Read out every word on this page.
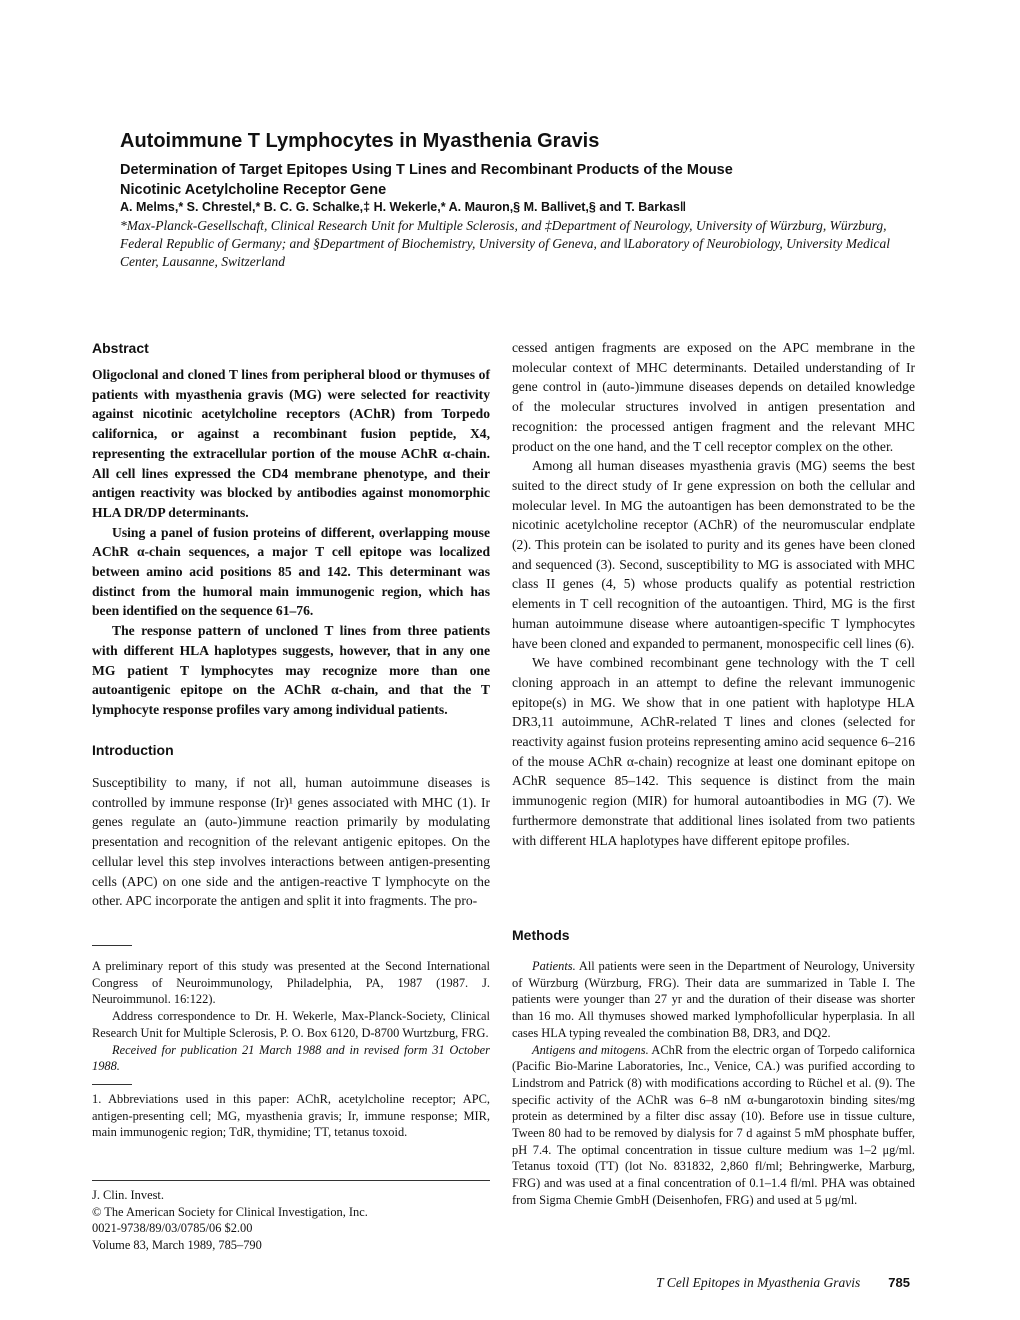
Autoimmune T Lymphocytes in Myasthenia Gravis
Determination of Target Epitopes Using T Lines and Recombinant Products of the Mouse Nicotinic Acetylcholine Receptor Gene
A. Melms,* S. Chrestel,* B. C. G. Schalke,‡ H. Wekerle,* A. Mauron,§ M. Ballivet,§ and T. Barkas‖
*Max-Planck-Gesellschaft, Clinical Research Unit for Multiple Sclerosis, and ‡Department of Neurology, University of Würzburg, Würzburg, Federal Republic of Germany; and §Department of Biochemistry, University of Geneva, and ‖Laboratory of Neurobiology, University Medical Center, Lausanne, Switzerland
Abstract

Oligoclonal and cloned T lines from peripheral blood or thymuses of patients with myasthenia gravis (MG) were selected for reactivity against nicotinic acetylcholine receptors (AChR) from Torpedo californica, or against a recombinant fusion peptide, X4, representing the extracellular portion of the mouse AChR α-chain. All cell lines expressed the CD4 membrane phenotype, and their antigen reactivity was blocked by antibodies against monomorphic HLA DR/DP determinants.

Using a panel of fusion proteins of different, overlapping mouse AChR α-chain sequences, a major T cell epitope was localized between amino acid positions 85 and 142. This determinant was distinct from the humoral main immunogenic region, which has been identified on the sequence 61–76.

The response pattern of uncloned T lines from three patients with different HLA haplotypes suggests, however, that in any one MG patient T lymphocytes may recognize more than one autoantigenic epitope on the AChR α-chain, and that the T lymphocyte response profiles vary among individual patients.

Introduction

Susceptibility to many, if not all, human autoimmune diseases is controlled by immune response (Ir)¹ genes associated with MHC (1). Ir genes regulate an (auto-)immune reaction primarily by modulating presentation and recognition of the relevant antigenic epitopes. On the cellular level this step involves interactions between antigen-presenting cells (APC) on one side and the antigen-reactive T lymphocyte on the other. APC incorporate the antigen and split it into fragments. The pro-

A preliminary report of this study was presented at the Second International Congress of Neuroimmunology, Philadelphia, PA, 1987 (1987. J. Neuroimmunol. 16:122).

Address correspondence to Dr. H. Wekerle, Max-Planck-Society, Clinical Research Unit for Multiple Sclerosis, P. O. Box 6120, D-8700 Wurtzburg, FRG.

Received for publication 21 March 1988 and in revised form 31 October 1988.

1. Abbreviations used in this paper: AChR, acetylcholine receptor; APC, antigen-presenting cell; MG, myasthenia gravis; Ir, immune response; MIR, main immunogenic region; TdR, thymidine; TT, tetanus toxoid.

J. Clin. Invest.
© The American Society for Clinical Investigation, Inc.
0021-9738/89/03/0785/06 $2.00
Volume 83, March 1989, 785–790

cessed antigen fragments are exposed on the APC membrane in the molecular context of MHC determinants. Detailed understanding of Ir gene control in (auto-)immune diseases depends on detailed knowledge of the molecular structures involved in antigen presentation and recognition: the processed antigen fragment and the relevant MHC product on the one hand, and the T cell receptor complex on the other.

Among all human diseases myasthenia gravis (MG) seems the best suited to the direct study of Ir gene expression on both the cellular and molecular level. In MG the autoantigen has been demonstrated to be the nicotinic acetylcholine receptor (AChR) of the neuromuscular endplate (2). This protein can be isolated to purity and its genes have been cloned and sequenced (3). Second, susceptibility to MG is associated with MHC class II genes (4, 5) whose products qualify as potential restriction elements in T cell recognition of the autoantigen. Third, MG is the first human autoimmune disease where autoantigen-specific T lymphocytes have been cloned and expanded to permanent, monospecific cell lines (6).

We have combined recombinant gene technology with the T cell cloning approach in an attempt to define the relevant immunogenic epitope(s) in MG. We show that in one patient with haplotype HLA DR3,11 autoimmune, AChR-related T lines and clones (selected for reactivity against fusion proteins representing amino acid sequence 6–216 of the mouse AChR α-chain) recognize at least one dominant epitope on AChR sequence 85–142. This sequence is distinct from the main immunogenic region (MIR) for humoral autoantibodies in MG (7). We furthermore demonstrate that additional lines isolated from two patients with different HLA haplotypes have different epitope profiles.

Methods

Patients. All patients were seen in the Department of Neurology, University of Würzburg (Würzburg, FRG). Their data are summarized in Table I. The patients were younger than 27 yr and the duration of their disease was shorter than 16 mo. All thymuses showed marked lymphofollicular hyperplasia. In all cases HLA typing revealed the combination B8, DR3, and DQ2.

Antigens and mitogens. AChR from the electric organ of Torpedo californica (Pacific Bio-Marine Laboratories, Inc., Venice, CA.) was purified according to Lindstrom and Patrick (8) with modifications according to Rüchel et al. (9). The specific activity of the AChR was 6–8 nM α-bungarotoxin binding sites/mg protein as determined by a filter disc assay (10). Before use in tissue culture, Tween 80 had to be removed by dialysis for 7 d against 5 mM phosphate buffer, pH 7.4. The optimal concentration in tissue culture medium was 1–2 μg/ml. Tetanus toxoid (TT) (lot No. 831832, 2,860 fl/ml; Behringwerke, Marburg, FRG) and was used at a final concentration of 0.1–1.4 fl/ml. PHA was obtained from Sigma Chemie GmbH (Deisenhofen, FRG) and used at 5 μg/ml.

T Cell Epitopes in Myasthenia Gravis 785
